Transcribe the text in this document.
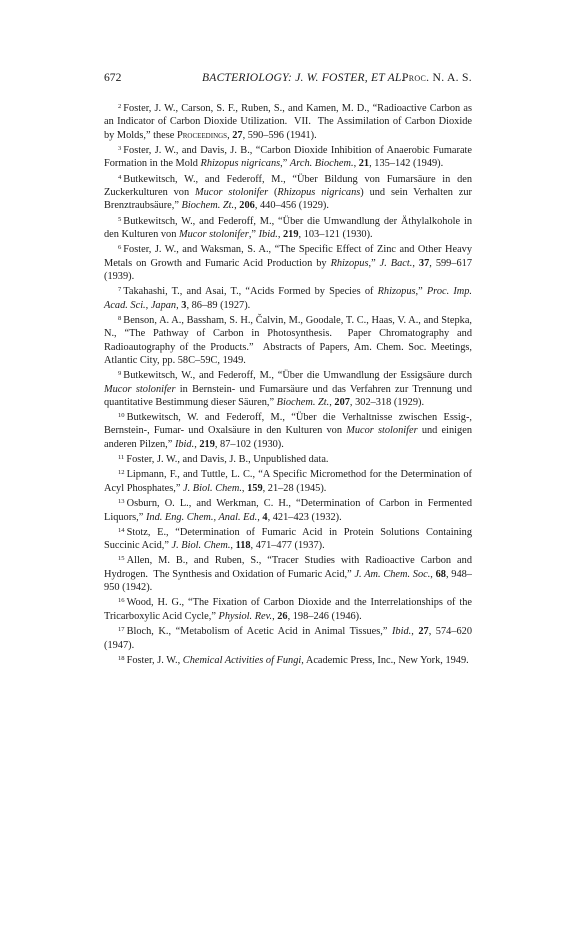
672	BACTERIOLOGY: J. W. FOSTER, ET AL.
Proc. N. A. S.

$^2$ Foster, J. W., Carson, S. F., Ruben, S., and Kamen, M. D., “Radioactive Carbon as an Indicator of Carbon Dioxide Utilization.  VII.  The Assimilation of Carbon Dioxide by Molds,” these Proceedings, 27, 590–596 (1941).

$^3$ Foster, J. W., and Davis, J. B., “Carbon Dioxide Inhibition of Anaerobic Fumarate Formation in the Mold Rhizopus nigricans,” Arch. Biochem., 21, 135–142 (1949).

$^4$ Butkewitsch, W., and Federoff, M., “Über Bildung von Fumarsäure in den Zuckerkulturen von Mucor stolonifer (Rhizopus nigricans) und sein Verhalten zur Brenztraubsäure,” Biochem. Zt., 206, 440–456 (1929).

$^5$ Butkewitsch, W., and Federoff, M., “Über die Umwandlung der Äthylalkohole in den Kulturen von Mucor stolonifer,” Ibid., 219, 103–121 (1930).

$^6$ Foster, J. W., and Waksman, S. A., “The Specific Effect of Zinc and Other Heavy Metals on Growth and Fumaric Acid Production by Rhizopus,” J. Bact., 37, 599–617 (1939).

$^7$ Takahashi, T., and Asai, T., “Acids Formed by Species of Rhizopus,” Proc. Imp. Acad. Sci., Japan, 3, 86–89 (1927).

$^8$ Benson, A. A., Bassham, S. H., Čalvin, M., Goodale, T. C., Haas, V. A., and Stepka, N., “The Pathway of Carbon in Photosynthesis.  Paper Chromatography and Radioautography of the Products.”  Abstracts of Papers, Am. Chem. Soc. Meetings, Atlantic City, pp. 58C–59C, 1949.

$^9$ Butkewitsch, W., and Federoff, M., “Über die Umwandlung der Essigsäure durch Mucor stolonifer in Bernstein- und Fumarsäure und das Verfahren zur Trennung und quantitative Bestimmung dieser Säuren,” Biochem. Zt., 207, 302–318 (1929).

$^{10}$ Butkewitsch, W. and Federoff, M., “Über die Verhaltnisse zwischen Essig-, Bernstein-, Fumar- und Oxalsäure in den Kulturen von Mucor stolonifer und einigen anderen Pilzen,” Ibid., 219, 87–102 (1930).

$^{11}$ Foster, J. W., and Davis, J. B., Unpublished data.

$^{12}$ Lipmann, F., and Tuttle, L. C., “A Specific Micromethod for the Determination of Acyl Phosphates,” J. Biol. Chem., 159, 21–28 (1945).

$^{13}$ Osburn, O. L., and Werkman, C. H., “Determination of Carbon in Fermented Liquors,” Ind. Eng. Chem., Anal. Ed., 4, 421–423 (1932).

$^{14}$ Stotz, E., “Determination of Fumaric Acid in Protein Solutions Containing Succinic Acid,” J. Biol. Chem., 118, 471–477 (1937).

$^{15}$ Allen, M. B., and Ruben, S., “Tracer Studies with Radioactive Carbon and Hydrogen.  The Synthesis and Oxidation of Fumaric Acid,” J. Am. Chem. Soc., 68, 948–950 (1942).

$^{16}$ Wood, H. G., “The Fixation of Carbon Dioxide and the Interrelationships of the Tricarboxylic Acid Cycle,” Physiol. Rev., 26, 198–246 (1946).

$^{17}$ Bloch, K., “Metabolism of Acetic Acid in Animal Tissues,” Ibid., 27, 574–620 (1947).

$^{18}$ Foster, J. W., Chemical Activities of Fungi, Academic Press, Inc., New York, 1949.
